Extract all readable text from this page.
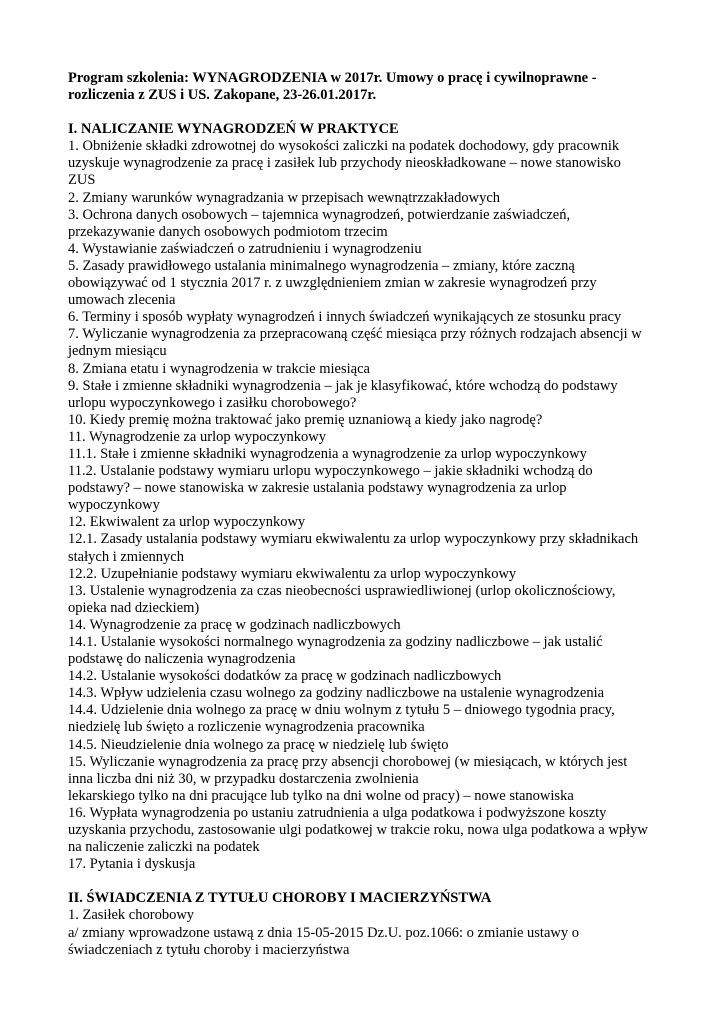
Program szkolenia: WYNAGRODZENIA w 2017r. Umowy o pracę i cywilnoprawne -

rozliczenia z ZUS i US. Zakopane, 23-26.01.2017r.

I. NALICZANIE WYNAGRODZEŃ W PRAKTYCE

1. Obniżenie składki zdrowotnej do wysokości zaliczki na podatek dochodowy, gdy pracownik

uzyskuje wynagrodzenie za pracę i zasiłek lub przychody nieoskładkowane – nowe stanowisko

ZUS

2. Zmiany warunków wynagradzania w przepisach wewnątrzzakładowych

3. Ochrona danych osobowych – tajemnica wynagrodzeń, potwierdzanie zaświadczeń,

przekazywanie danych osobowych podmiotom trzecim

4. Wystawianie zaświadczeń o zatrudnieniu i wynagrodzeniu

5. Zasady prawidłowego ustalania minimalnego wynagrodzenia – zmiany, które zaczną

obowiązywać od 1 stycznia 2017 r. z uwzględnieniem zmian w zakresie wynagrodzeń przy

umowach zlecenia

6. Terminy i sposób wypłaty wynagrodzeń i innych świadczeń wynikających ze stosunku pracy

7. Wyliczanie wynagrodzenia za przepracowaną część miesiąca przy różnych rodzajach absencji w

jednym miesiącu

8. Zmiana etatu i wynagrodzenia w trakcie miesiąca

9. Stałe i zmienne składniki wynagrodzenia – jak je klasyfikować, które wchodzą do podstawy

urlopu wypoczynkowego i zasiłku chorobowego?

10. Kiedy premię można traktować jako premię uznaniową a kiedy jako nagrodę?

11. Wynagrodzenie za urlop wypoczynkowy

11.1. Stałe i zmienne składniki wynagrodzenia a wynagrodzenie za urlop wypoczynkowy

11.2. Ustalanie podstawy wymiaru urlopu wypoczynkowego – jakie składniki wchodzą do

podstawy? – nowe stanowiska w zakresie ustalania podstawy wynagrodzenia za urlop

wypoczynkowy

12. Ekwiwalent za urlop wypoczynkowy

12.1. Zasady ustalania podstawy wymiaru ekwiwalentu za urlop wypoczynkowy przy składnikach

stałych i zmiennych

12.2. Uzupełnianie podstawy wymiaru ekwiwalentu za urlop wypoczynkowy

13. Ustalenie wynagrodzenia za czas nieobecności usprawiedliwionej (urlop okolicznościowy,

opieka nad dzieckiem)

14. Wynagrodzenie za pracę w godzinach nadliczbowych

14.1. Ustalanie wysokości normalnego wynagrodzenia za godziny nadliczbowe – jak ustalić

podstawę do naliczenia wynagrodzenia

14.2. Ustalanie wysokości dodatków za pracę w godzinach nadliczbowych

14.3. Wpływ udzielenia czasu wolnego za godziny nadliczbowe na ustalenie wynagrodzenia

14.4. Udzielenie dnia wolnego za pracę w dniu wolnym z tytułu 5 – dniowego tygodnia pracy,

niedzielę lub święto a rozliczenie wynagrodzenia pracownika

14.5. Nieudzielenie dnia wolnego za pracę w niedzielę lub święto

15. Wyliczanie wynagrodzenia za pracę przy absencji chorobowej (w miesiącach, w których jest

inna liczba dni niż 30, w przypadku dostarczenia zwolnienia

lekarskiego tylko na dni pracujące lub tylko na dni wolne od pracy) – nowe stanowiska

16. Wypłata wynagrodzenia po ustaniu zatrudnienia a ulga podatkowa i podwyższone koszty

uzyskania przychodu, zastosowanie ulgi podatkowej w trakcie roku, nowa ulga podatkowa a wpływ

na naliczenie zaliczki na podatek

17. Pytania i dyskusja

II. ŚWIADCZENIA Z TYTUŁU CHOROBY I MACIERZYŃSTWA

1. Zasiłek chorobowy

a/ zmiany wprowadzone ustawą z dnia 15-05-2015 Dz.U. poz.1066: o zmianie ustawy o

świadczeniach z tytułu choroby i macierzyństwa
